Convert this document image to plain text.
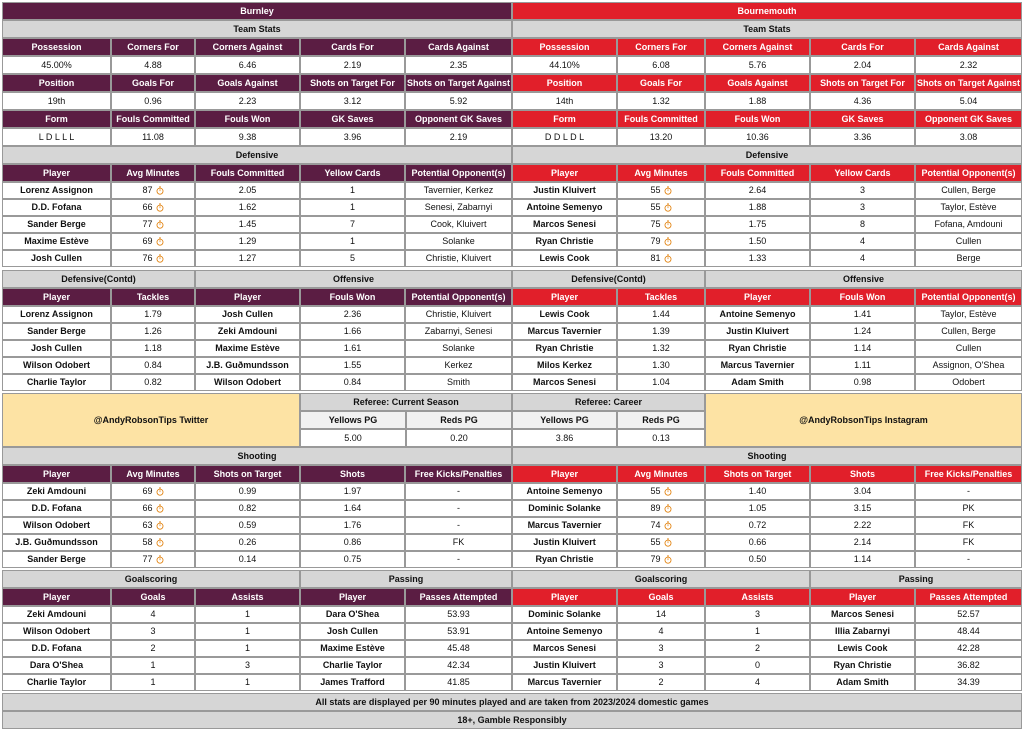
Burnley	Bournemouth
Team Stats	Team Stats
Possession	Corners For	Corners Against	Cards For	Cards Against
45.00%	4.88	6.46	2.19	2.35
Possession	Corners For	Corners Against	Cards For	Cards Against
44.10%	6.08	5.76	2.04	2.32
Position	Goals For	Goals Against	Shots on Target For	Shots on Target Against
19th	0.96	2.23	3.12	5.92
Position	Goals For	Goals Against	Shots on Target For	Shots on Target Against
14th	1.32	1.88	4.36	5.04
Form	Fouls Committed	Fouls Won	GK Saves	Opponent GK Saves
L D L L L	11.08	9.38	3.96	2.19
Form	Fouls Committed	Fouls Won	GK Saves	Opponent GK Saves
D D L D L	13.20	10.36	3.36	3.08
Defensive	Defensive
Player	Avg Minutes	Fouls Committed	Yellow Cards	Potential Opponent(s)
Lorenz Assignon	87	2.05	1	Tavernier, Kerkez
D.D. Fofana	66	1.62	1	Senesi, Zabarnyi
Sander Berge	77	1.45	7	Cook, Kluivert
Maxime Estève	69	1.29	1	Solanke
Josh Cullen	76	1.27	5	Christie, Kluivert
Player	Avg Minutes	Fouls Committed	Yellow Cards	Potential Opponent(s)
Justin Kluivert	55	2.64	3	Cullen, Berge
Antoine Semenyo	55	1.88	3	Taylor, Estève
Marcos Senesi	75	1.75	8	Fofana, Amdouni
Ryan Christie	79	1.50	4	Cullen
Lewis Cook	81	1.33	4	Berge
Defensive(Contd)	Offensive	Defensive(Contd)	Offensive
Player	Tackles	Player	Fouls Won	Potential Opponent(s)
Lorenz Assignon	1.79	Josh Cullen	2.36	Christie, Kluivert
Sander Berge	1.26	Zeki Amdouni	1.66	Zabarnyi, Senesi
Josh Cullen	1.18	Maxime Estève	1.61	Solanke
Wilson Odobert	0.84	J.B. Guðmundsson	1.55	Kerkez
Charlie Taylor	0.82	Wilson Odobert	0.84	Smith
Player	Tackles	Player	Fouls Won	Potential Opponent(s)
Lewis Cook	1.44	Antoine Semenyo	1.41	Taylor, Estève
Marcus Tavernier	1.39	Justin Kluivert	1.24	Cullen, Berge
Ryan Christie	1.32	Ryan Christie	1.14	Cullen
Milos Kerkez	1.30	Marcus Tavernier	1.11	Assignon, O'Shea
Marcos Senesi	1.04	Adam Smith	0.98	Odobert
@AndyRobsonTips Twitter	@AndyRobsonTips Instagram
Referee: Current Season	Referee: Career
Yellows PG	Reds PG
5.00	0.20
Yellows PG	Reds PG
3.86	0.13
Shooting	Shooting
Player	Avg Minutes	Shots on Target	Shots	Free Kicks/Penalties
Zeki Amdouni	69	0.99	1.97	-
D.D. Fofana	66	0.82	1.64	-
Wilson Odobert	63	0.59	1.76	-
J.B. Guðmundsson	58	0.26	0.86	FK
Sander Berge	77	0.14	0.75	-
Player	Avg Minutes	Shots on Target	Shots	Free Kicks/Penalties
Antoine Semenyo	55	1.40	3.04	-
Dominic Solanke	89	1.05	3.15	PK
Marcus Tavernier	74	0.72	2.22	FK
Justin Kluivert	55	0.66	2.14	FK
Ryan Christie	79	0.50	1.14	-
Goalscoring	Passing	Goalscoring	Passing
Player	Goals	Assists	Player	Passes Attempted
Zeki Amdouni	4	1	Dara O'Shea	53.93
Wilson Odobert	3	1	Josh Cullen	53.91
D.D. Fofana	2	1	Maxime Estève	45.48
Dara O'Shea	1	3	Charlie Taylor	42.34
Charlie Taylor	1	1	James Trafford	41.85
Player	Goals	Assists	Player	Passes Attempted
Dominic Solanke	14	3	Marcos Senesi	52.57
Antoine Semenyo	4	1	Illia Zabarnyi	48.44
Marcos Senesi	3	2	Lewis Cook	42.28
Justin Kluivert	3	0	Ryan Christie	36.82
Marcus Tavernier	2	4	Adam Smith	34.39
All stats are displayed per 90 minutes played and are taken from 2023/2024 domestic games
18+, Gamble Responsibly
